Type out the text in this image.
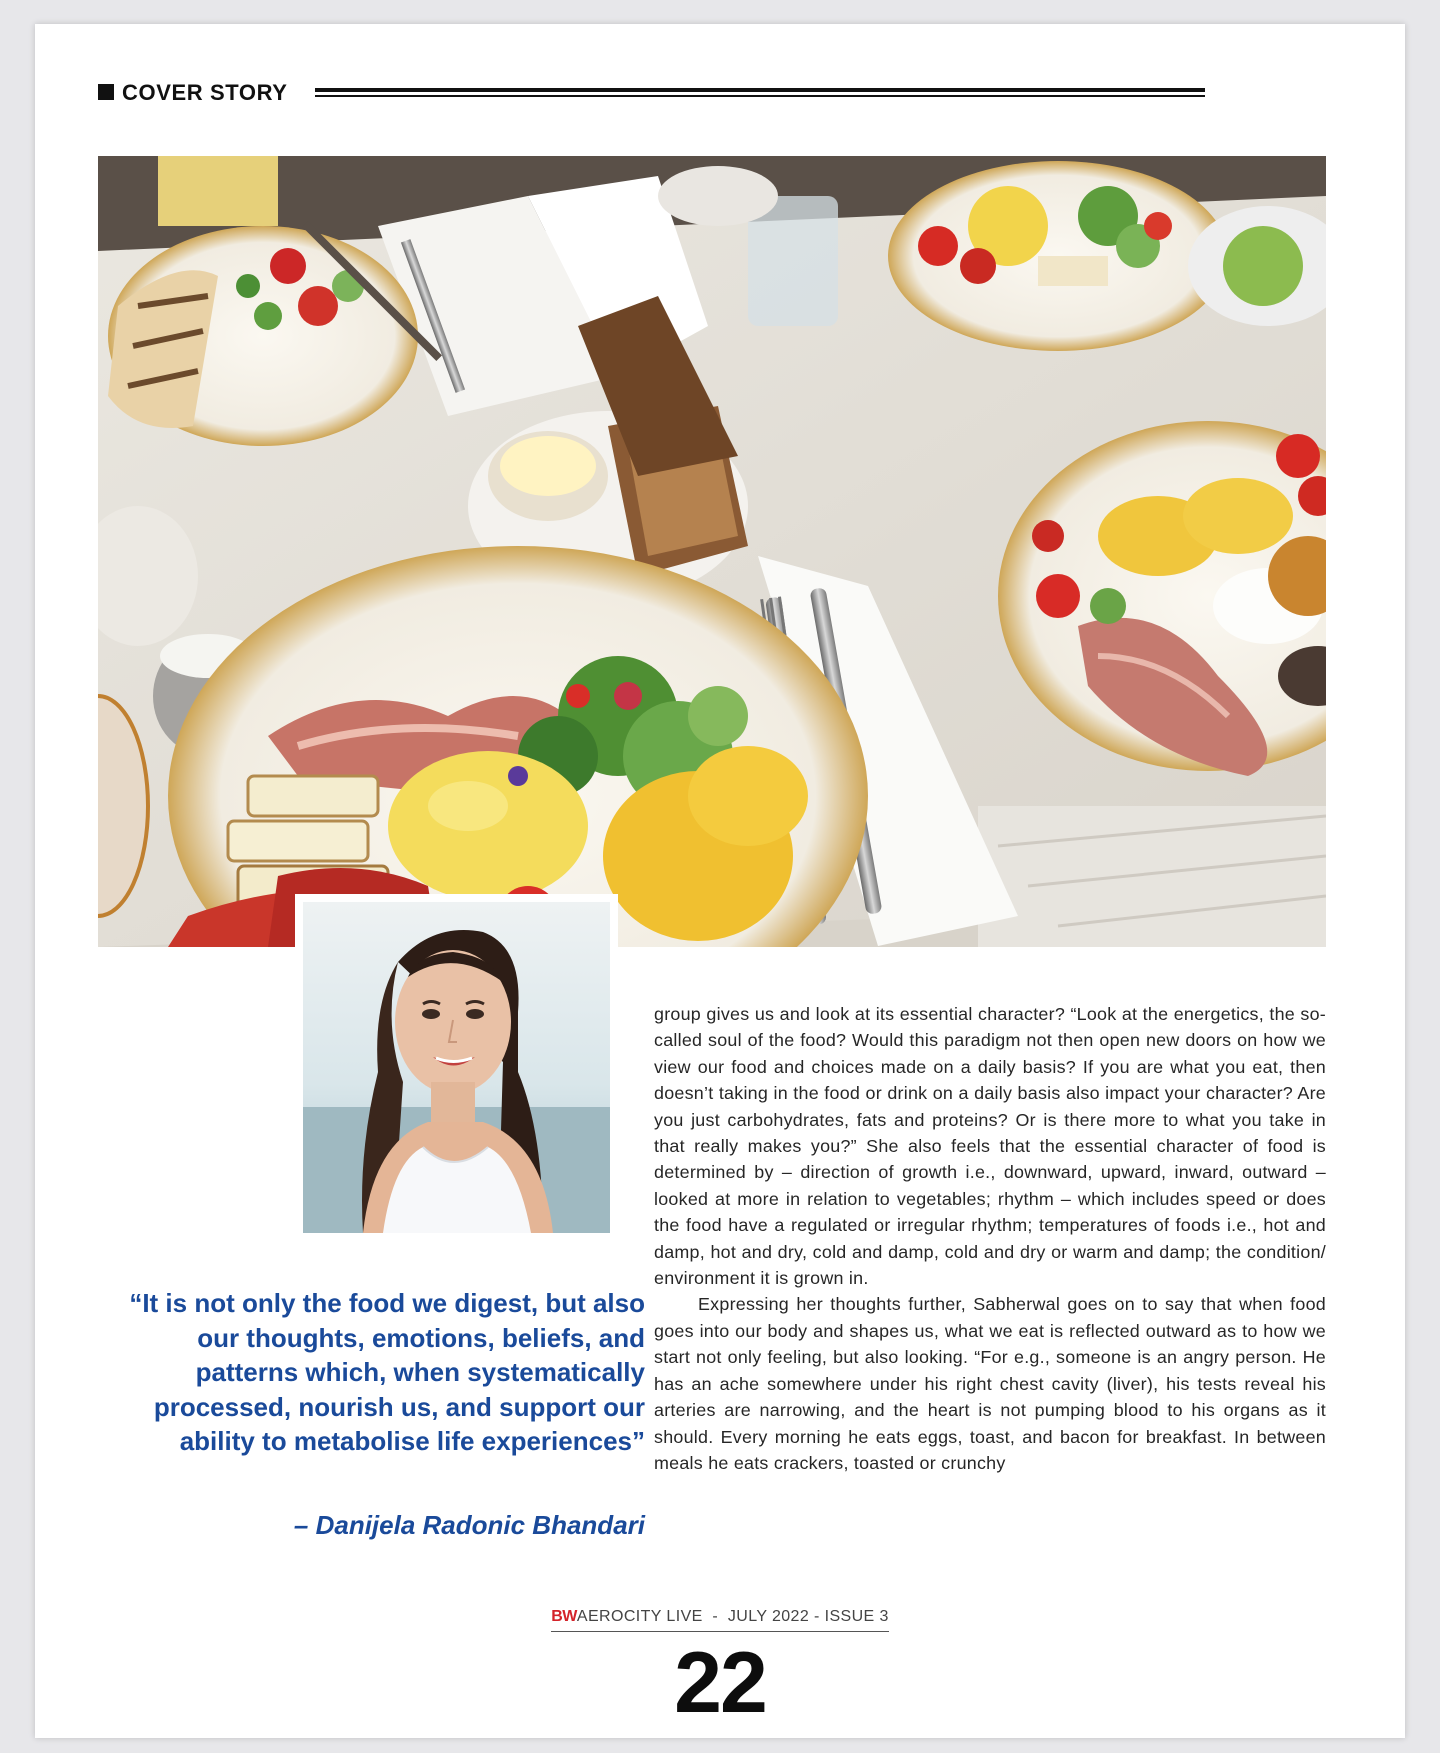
COVER STORY
“It is not only the food we digest, but also our thoughts, emotions, beliefs, and patterns which, when systematically processed, nourish us, and support our ability to metabolise life experiences”
– Danijela Radonic Bhandari

group gives us and look at its essential character? “Look at the energetics, the so-called soul of the food? Would this paradigm not then open new doors on how we view our food and choices made on a daily basis? If you are what you eat, then doesn’t taking in the food or drink on a daily basis also impact your character? Are you just carbohydrates, fats and proteins? Or is there more to what you take in that really makes you?” She also feels that the essential character of food is determined by – direction of growth i.e., downward, upward, inward, outward – looked at more in relation to vegetables; rhythm – which includes speed or does the food have a regulated or irregular rhythm; temperatures of foods i.e., hot and damp, hot and dry, cold and damp, cold and dry or warm and damp; the condition/ environment it is grown in.

Expressing her thoughts further, Sabherwal goes on to say that when food goes into our body and shapes us, what we eat is reflected outward as to how we start not only feeling, but also looking. “For e.g., someone is an angry person. He has an ache somewhere under his right chest cavity (liver), his tests reveal his arteries are narrowing, and the heart is not pumping blood to his organs as it should. Every morning he eats eggs, toast, and bacon for breakfast. In between meals he eats crackers, toasted or crunchy

BWAEROCITY LIVE - JULY 2022 - ISSUE 3
22
